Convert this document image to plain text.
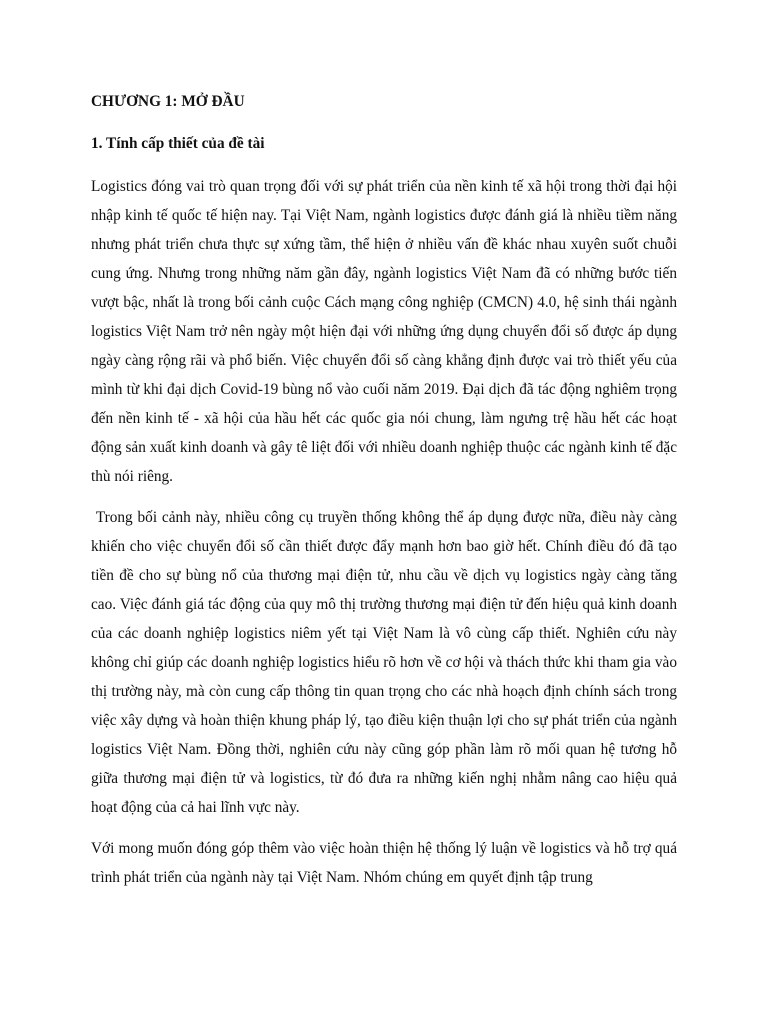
CHƯƠNG 1: MỞ ĐẦU
1. Tính cấp thiết của đề tài

Logistics đóng vai trò quan trọng đối với sự phát triển của nền kinh tế xã hội trong thời đại hội nhập kinh tế quốc tế hiện nay. Tại Việt Nam, ngành logistics được đánh giá là nhiều tiềm năng nhưng phát triển chưa thực sự xứng tầm, thể hiện ở nhiều vấn đề khác nhau xuyên suốt chuỗi cung ứng. Nhưng trong những năm gần đây, ngành logistics Việt Nam đã có những bước tiến vượt bậc, nhất là trong bối cảnh cuộc Cách mạng công nghiệp (CMCN) 4.0, hệ sinh thái ngành logistics Việt Nam trở nên ngày một hiện đại với những ứng dụng chuyển đổi số được áp dụng ngày càng rộng rãi và phổ biến. Việc chuyển đổi số càng khẳng định được vai trò thiết yếu của mình từ khi đại dịch Covid-19 bùng nổ vào cuối năm 2019. Đại dịch đã tác động nghiêm trọng đến nền kinh tế - xã hội của hầu hết các quốc gia nói chung, làm ngưng trệ hầu hết các hoạt động sản xuất kinh doanh và gây tê liệt đối với nhiều doanh nghiệp thuộc các ngành kinh tế đặc thù nói riêng.

Trong bối cảnh này, nhiều công cụ truyền thống không thể áp dụng được nữa, điều này càng khiến cho việc chuyển đổi số cần thiết được đẩy mạnh hơn bao giờ hết. Chính điều đó đã tạo tiền đề cho sự bùng nổ của thương mại điện tử, nhu cầu về dịch vụ logistics ngày càng tăng cao. Việc đánh giá tác động của quy mô thị trường thương mại điện tử đến hiệu quả kinh doanh của các doanh nghiệp logistics niêm yết tại Việt Nam là vô cùng cấp thiết. Nghiên cứu này không chỉ giúp các doanh nghiệp logistics hiểu rõ hơn về cơ hội và thách thức khi tham gia vào thị trường này, mà còn cung cấp thông tin quan trọng cho các nhà hoạch định chính sách trong việc xây dựng và hoàn thiện khung pháp lý, tạo điều kiện thuận lợi cho sự phát triển của ngành logistics Việt Nam. Đồng thời, nghiên cứu này cũng góp phần làm rõ mối quan hệ tương hỗ giữa thương mại điện tử và logistics, từ đó đưa ra những kiến nghị nhằm nâng cao hiệu quả hoạt động của cả hai lĩnh vực này.

Với mong muốn đóng góp thêm vào việc hoàn thiện hệ thống lý luận về logistics và hỗ trợ quá trình phát triển của ngành này tại Việt Nam. Nhóm chúng em quyết định tập trung
